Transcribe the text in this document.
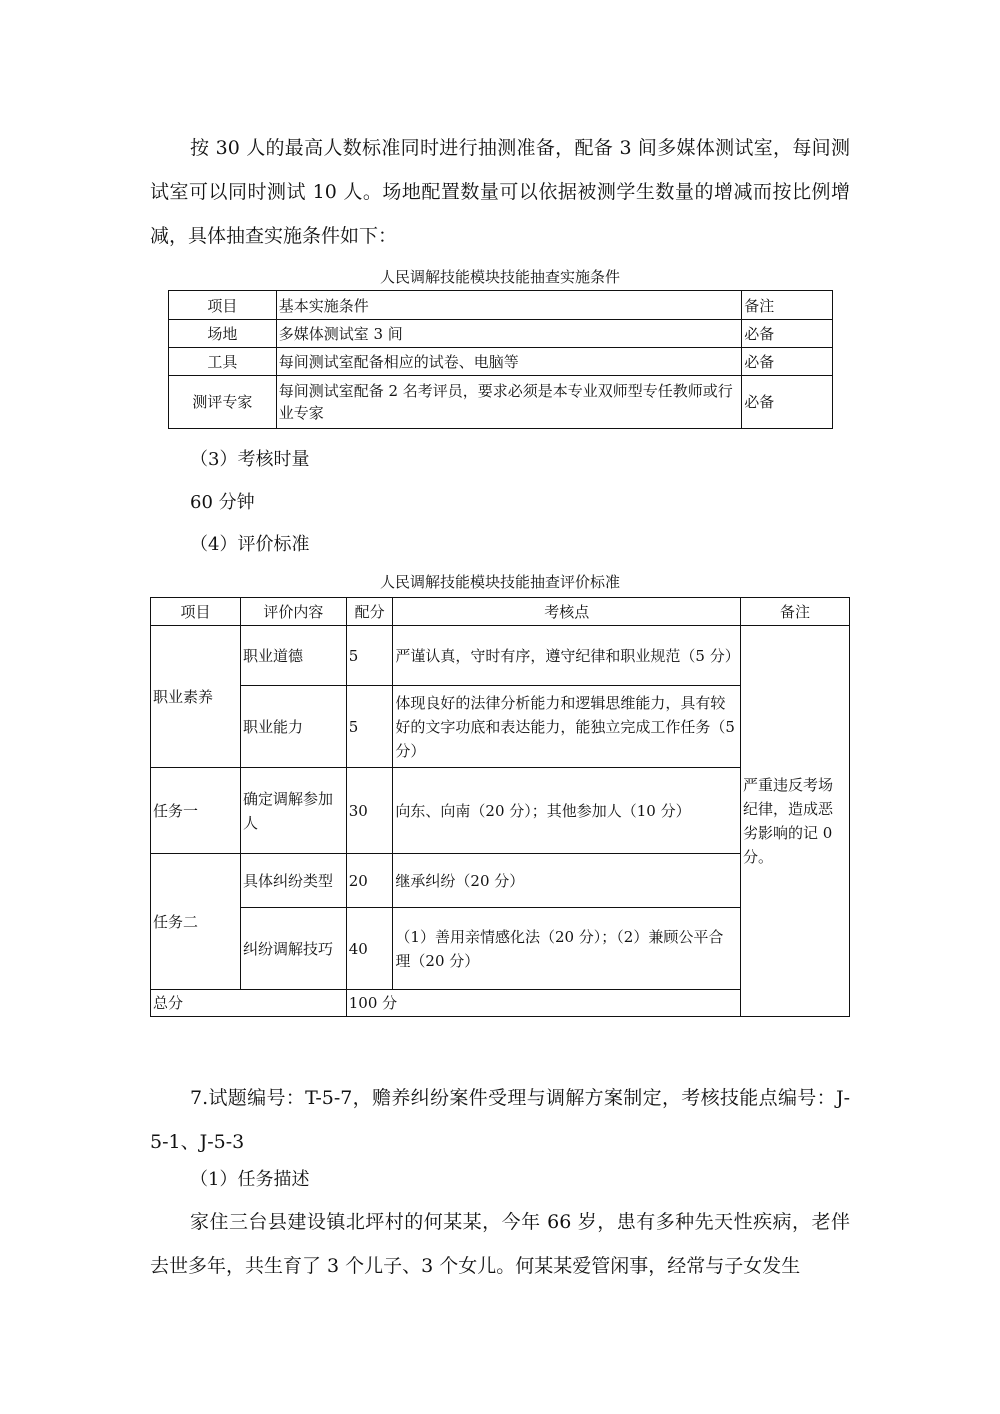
按 30 人的最高人数标准同时进行抽测准备，配备 3 间多媒体测试室，每间测试室可以同时测试 10 人。场地配置数量可以依据被测学生数量的增减而按比例增减，具体抽查实施条件如下：
人民调解技能模块技能抽查实施条件
项目	基本实施条件	备注
场地	多媒体测试室 3 间	必备
工具	每间测试室配备相应的试卷、电脑等	必备
测评专家	每间测试室配备 2 名考评员，要求必须是本专业双师型专任教师或行业专家	必备
（3）考核时量
60 分钟
（4）评价标准
人民调解技能模块技能抽查评价标准
项目	评价内容	配分	考核点	备注
职业素养	职业道德	5	严谨认真，守时有序，遵守纪律和职业规范（5 分）	严重违反考场纪律，造成恶劣影响的记 0 分。
	职业能力	5	体现良好的法律分析能力和逻辑思维能力，具有较好的文字功底和表达能力，能独立完成工作任务（5 分）	
任务一	确定调解参加人	30	向东、向南（20 分）；其他参加人（10 分）	
任务二	具体纠纷类型	20	继承纠纷（20 分）	
	纠纷调解技巧	40	（1）善用亲情感化法（20 分）；（2）兼顾公平合理（20 分）	
总分		100 分		
7.试题编号：T-5-7，赡养纠纷案件受理与调解方案制定，考核技能点编号：J-5-1、J-5-3
（1）任务描述
家住三台县建设镇北坪村的何某某，今年 66 岁，患有多种先天性疾病，老伴去世多年，共生育了 3 个儿子、3 个女儿。何某某爱管闲事，经常与子女发生
